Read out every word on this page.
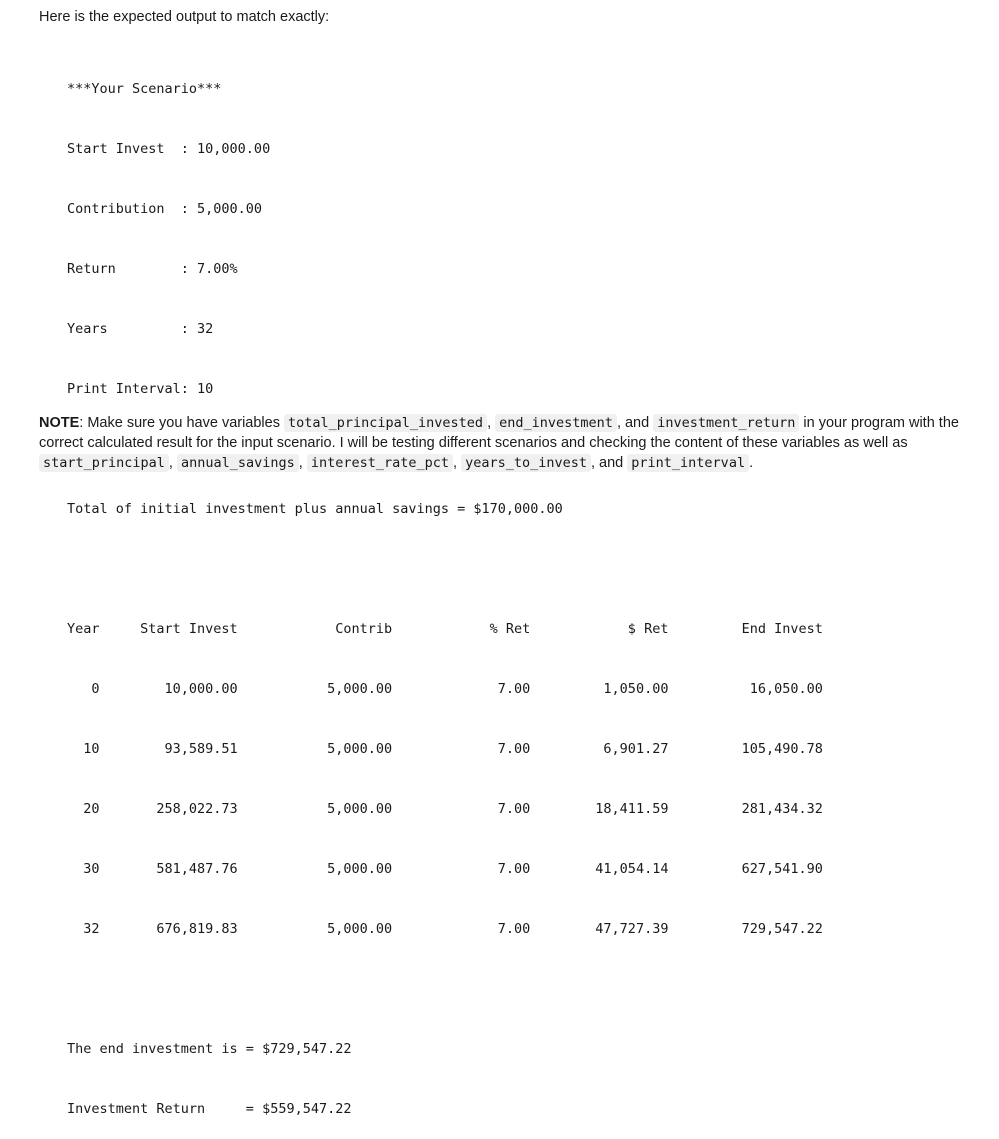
Here is the expected output to match exactly:

***Your Scenario***

Start Invest  : 10,000.00

Contribution  : 5,000.00

Return        : 7.00%

Years         : 32

Print Interval: 10

Total of initial investment plus annual savings = $170,000.00

Year     Start Invest            Contrib            % Ret            $ Ret         End Invest

0        10,000.00           5,000.00             7.00         1,050.00          16,050.00

10        93,589.51           5,000.00             7.00         6,901.27         105,490.78

20       258,022.73           5,000.00             7.00        18,411.59         281,434.32

30       581,487.76           5,000.00             7.00        41,054.14         627,541.90

32       676,819.83           5,000.00             7.00        47,727.39         729,547.22

The end investment is = $729,547.22

Investment Return     = $559,547.22

NOTE: Make sure you have variables total_principal_invested , end_investment , and investment_return in your program with the correct calculated result for the input scenario. I will be testing different scenarios and checking the content of these variables as well as start_principal , annual_savings , interest_rate_pct , years_to_invest , and print_interval .
